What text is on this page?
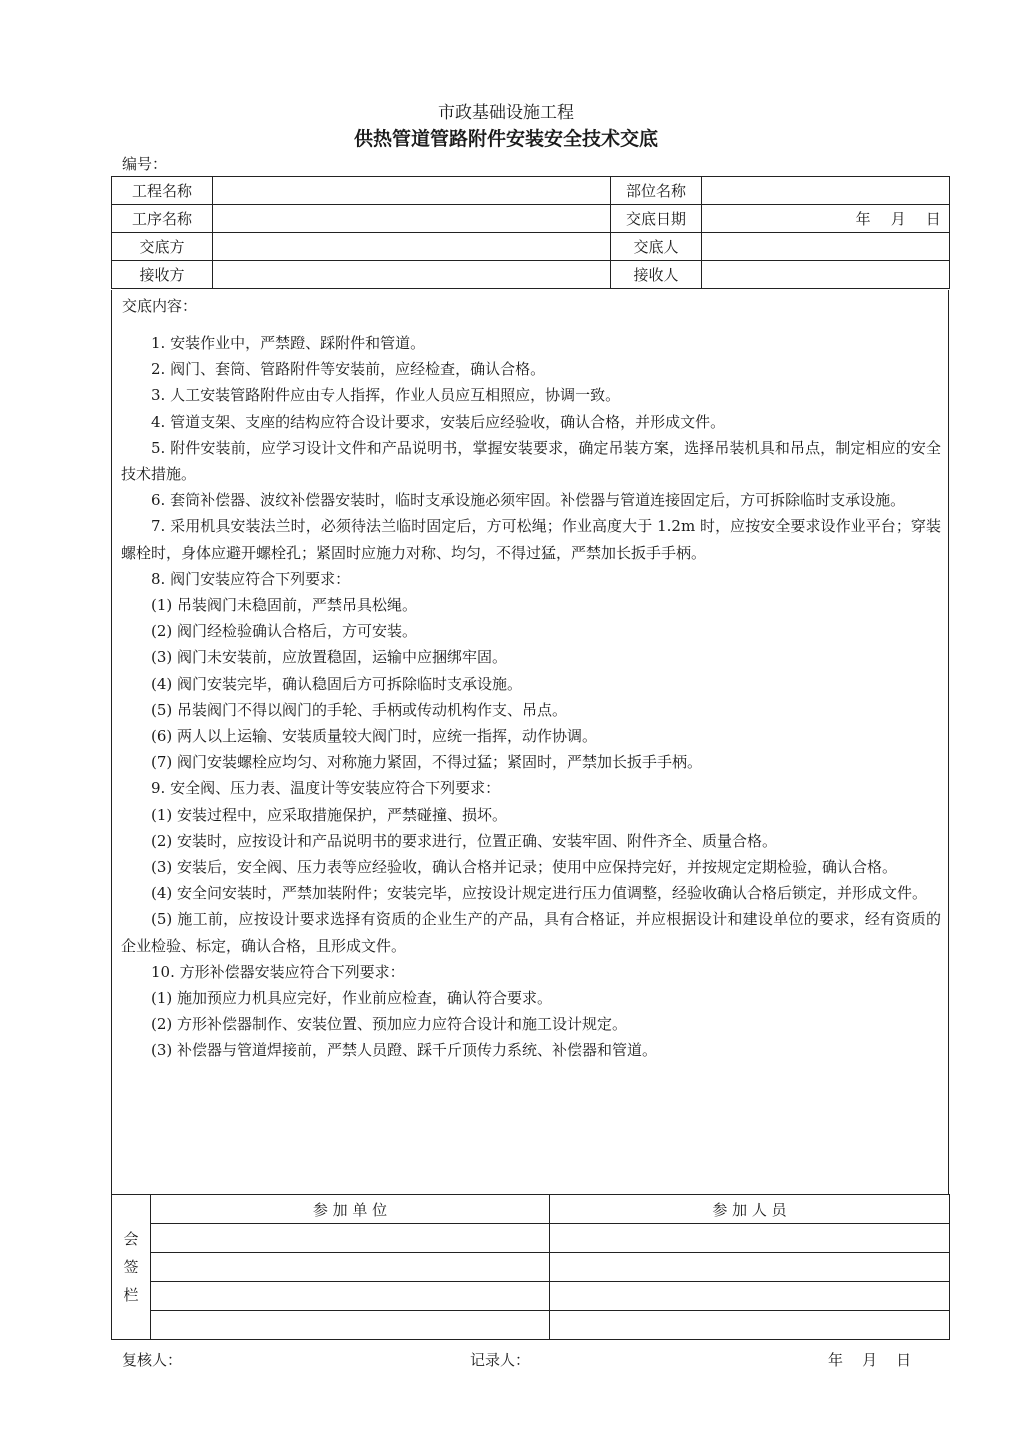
市政基础设施工程
供热管道管路附件安装安全技术交底
编号：
工程名称		部位名称	
工序名称		交底日期	年    月    日
交底方		交底人	
接收方		接收人	
交底内容：

1. 安装作业中，严禁蹬、踩附件和管道。

2. 阀门、套筒、管路附件等安装前，应经检查，确认合格。

3. 人工安装管路附件应由专人指挥，作业人员应互相照应，协调一致。

4. 管道支架、支座的结构应符合设计要求，安装后应经验收，确认合格，并形成文件。

5. 附件安装前，应学习设计文件和产品说明书，掌握安装要求，确定吊装方案，选择吊装机具和吊点，制定相应的安全技术措施。

6. 套筒补偿器、波纹补偿器安装时，临时支承设施必须牢固。补偿器与管道连接固定后，方可拆除临时支承设施。

7. 采用机具安装法兰时，必须待法兰临时固定后，方可松绳；作业高度大于 1.2m 时，应按安全要求设作业平台；穿装螺栓时，身体应避开螺栓孔；紧固时应施力对称、均匀，不得过猛，严禁加长扳手手柄。

8. 阀门安装应符合下列要求：

(1) 吊装阀门未稳固前，严禁吊具松绳。

(2) 阀门经检验确认合格后，方可安装。

(3) 阀门未安装前，应放置稳固，运输中应捆绑牢固。

(4) 阀门安装完毕，确认稳固后方可拆除临时支承设施。

(5) 吊装阀门不得以阀门的手轮、手柄或传动机构作支、吊点。

(6) 两人以上运输、安装质量较大阀门时，应统一指挥，动作协调。

(7) 阀门安装螺栓应均匀、对称施力紧固，不得过猛；紧固时，严禁加长扳手手柄。

9. 安全阀、压力表、温度计等安装应符合下列要求：

(1) 安装过程中，应采取措施保护，严禁碰撞、损坏。

(2) 安装时，应按设计和产品说明书的要求进行，位置正确、安装牢固、附件齐全、质量合格。

(3) 安装后，安全阀、压力表等应经验收，确认合格并记录；使用中应保持完好，并按规定定期检验，确认合格。

(4) 安全问安装时，严禁加装附件；安装完毕，应按设计规定进行压力值调整，经验收确认合格后锁定，并形成文件。

(5) 施工前，应按设计要求选择有资质的企业生产的产品，具有合格证，并应根据设计和建设单位的要求，经有资质的企业检验、标定，确认合格，且形成文件。

10. 方形补偿器安装应符合下列要求：

(1) 施加预应力机具应完好，作业前应检查，确认符合要求。

(2) 方形补偿器制作、安装位置、预加应力应符合设计和施工设计规定。

(3) 补偿器与管道焊接前，严禁人员蹬、踩千斤顶传力系统、补偿器和管道。

会
签
栏	参 加 单 位	参 加 人 员

复核人：	记录人：	年    月    日
